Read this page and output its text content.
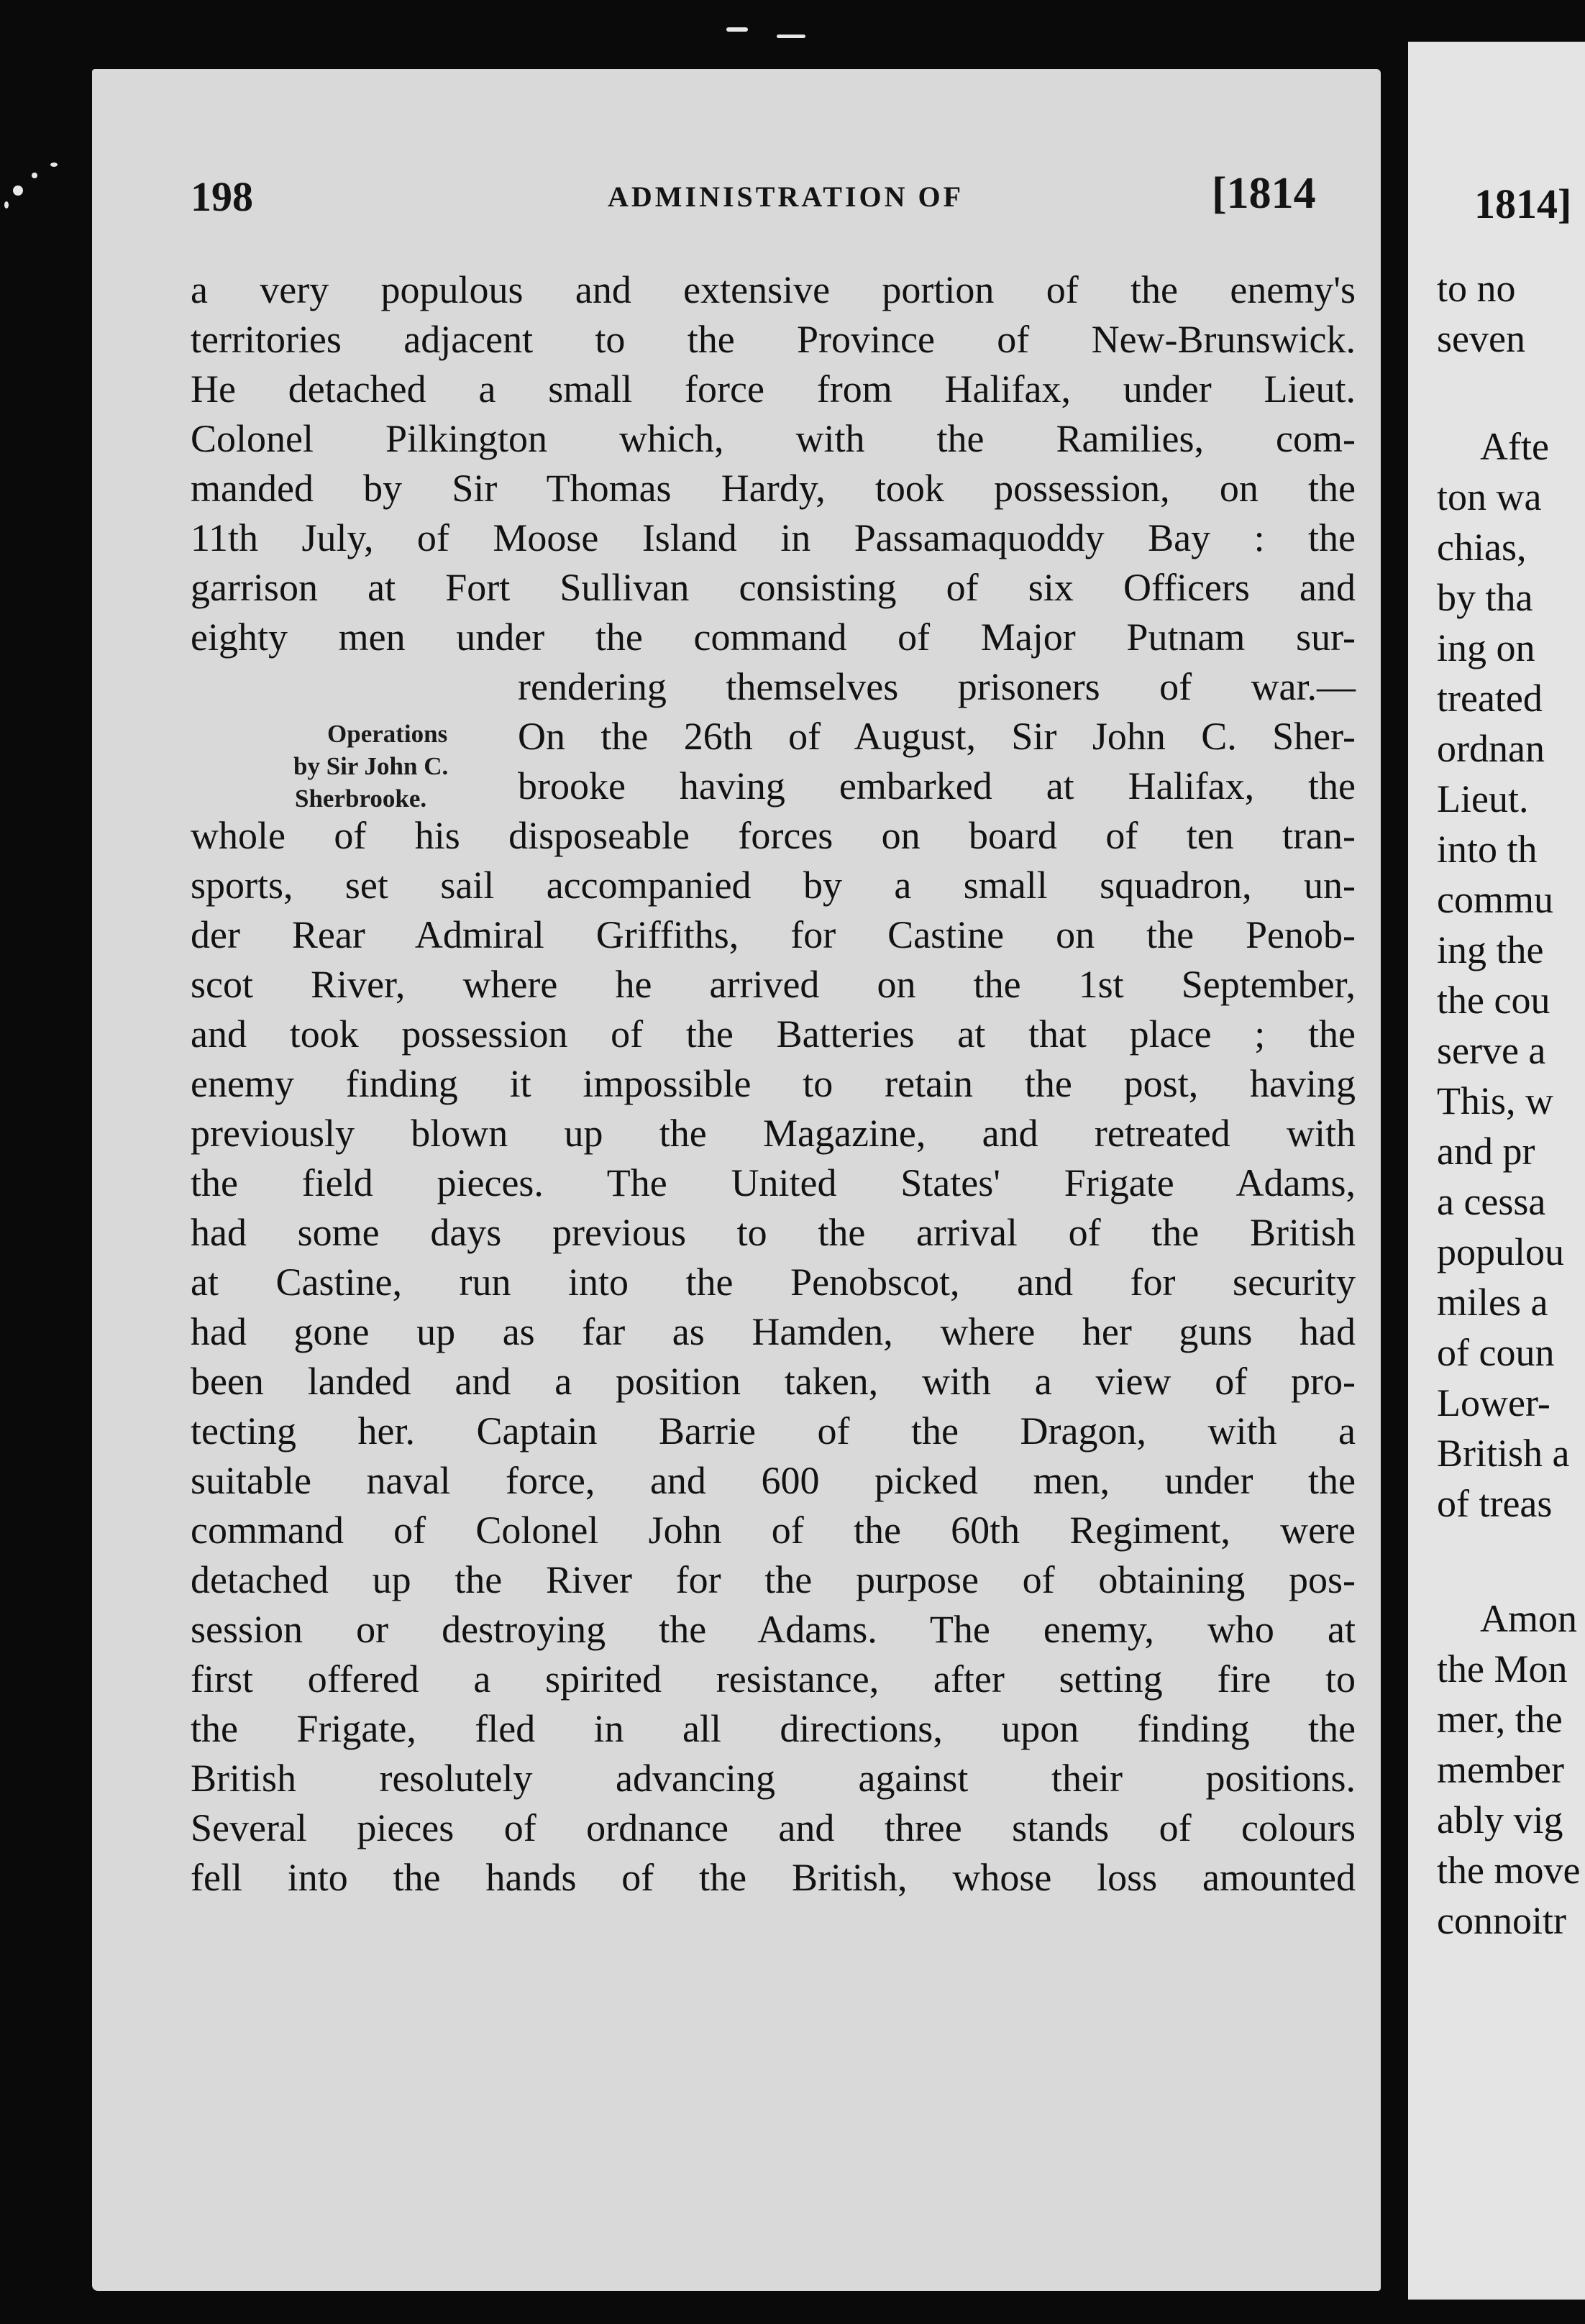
198	ADMINISTRATION OF	[1814
a very populous and extensive portion of the enemy's
territories adjacent to the Province of New-Brunswick.
He detached a small force from Halifax, under Lieut.
Colonel Pilkington which, with the Ramilies, com-
manded by Sir Thomas Hardy, took possession, on the
11th July, of Moose Island in Passamaquoddy Bay : the
garrison at Fort Sullivan consisting of six Officers and
eighty men under the command of Major Putnam sur-
rendering themselves prisoners of war.—
On the 26th of August, Sir John C. Sher-
brooke having embarked at Halifax, the
whole of his disposeable forces on board of ten tran-
sports, set sail accompanied by a small squadron, un-
der Rear Admiral Griffiths, for Castine on the Penob-
scot River, where he arrived on the 1st September,
and took possession of the Batteries at that place ; the
enemy finding it impossible to retain the post, having
previously blown up the Magazine, and retreated with
the field pieces. The United States' Frigate Adams,
had some days previous to the arrival of the British
at Castine, run into the Penobscot, and for security
had gone up as far as Hamden, where her guns had
been landed and a position taken, with a view of pro-
tecting her. Captain Barrie of the Dragon, with a
suitable naval force, and 600 picked men, under the
command of Colonel John of the 60th Regiment, were
detached up the River for the purpose of obtaining pos-
session or destroying the Adams. The enemy, who at
first offered a spirited resistance, after setting fire to
the Frigate, fled in all directions, upon finding the
British resolutely advancing against their positions.
Several pieces of ordnance and three stands of colours
fell into the hands of the British, whose loss amounted
Operations
by Sir John C.
Sherbrooke.
1814]
to no
seven
Afte
ton wa
chias,
by tha
ing on
treated
ordnan
Lieut.
into th
commu
ing the
the cou
serve a
This, w
and pr
a cessa
populou
miles a
of coun
Lower-
British a
of treas
Amon
the Mon
mer, the
member
ably vig
the move
connoitr
